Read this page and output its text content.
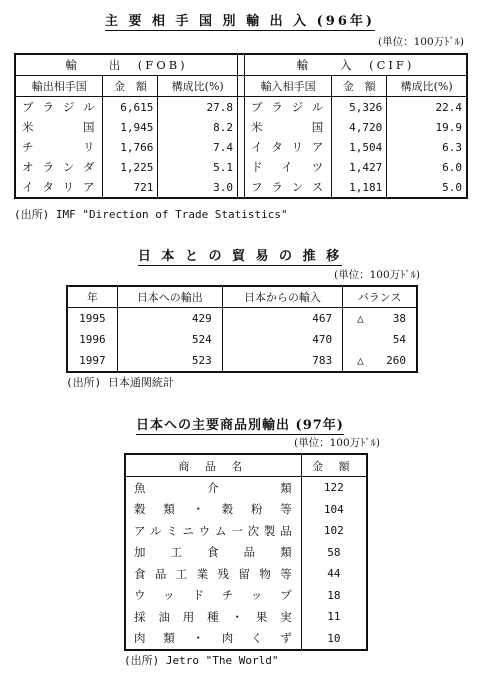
主 要 相 手 国 別 輸 出 入 (96年)
(単位：100万ﾄﾞﾙ)
輸　　出　(FOB)				輸　　入　(CIF)		
輸出相手国	金　額	構成比(%)		輸入相手国	金　額	構成比(%)
ブラジル	6,615	27.8		ブラジル	5,326	22.4
米国	1,945	8.2		米国	4,720	19.9
チリ	1,766	7.4		イタリア	1,504	6.3
オランダ	1,225	5.1		ドイツ	1,427	6.0
イタリア	721	3.0		フランス	1,181	5.0
(出所) IMF "Direction of Trade Statistics"
日 本 と の 貿 易 の 推 移
(単位：100万ﾄﾞﾙ)
年	日本への輸出	日本からの輸入	バランス
1995	429	467	△ 38
1996	524	470	54
1997	523	783	△ 260
(出所) 日本通関統計
日本への主要商品別輸出 (97年)
(単位：100万ﾄﾞﾙ)
商 品 名	金 額
魚介類	122
穀類・穀粉等	104
アルミニウム一次製品	102
加工食品類	58
食品工業残留物等	44
ウッドチップ	18
採油用種・果実	11
肉類・肉くず	10
(出所) Jetro "The World"
